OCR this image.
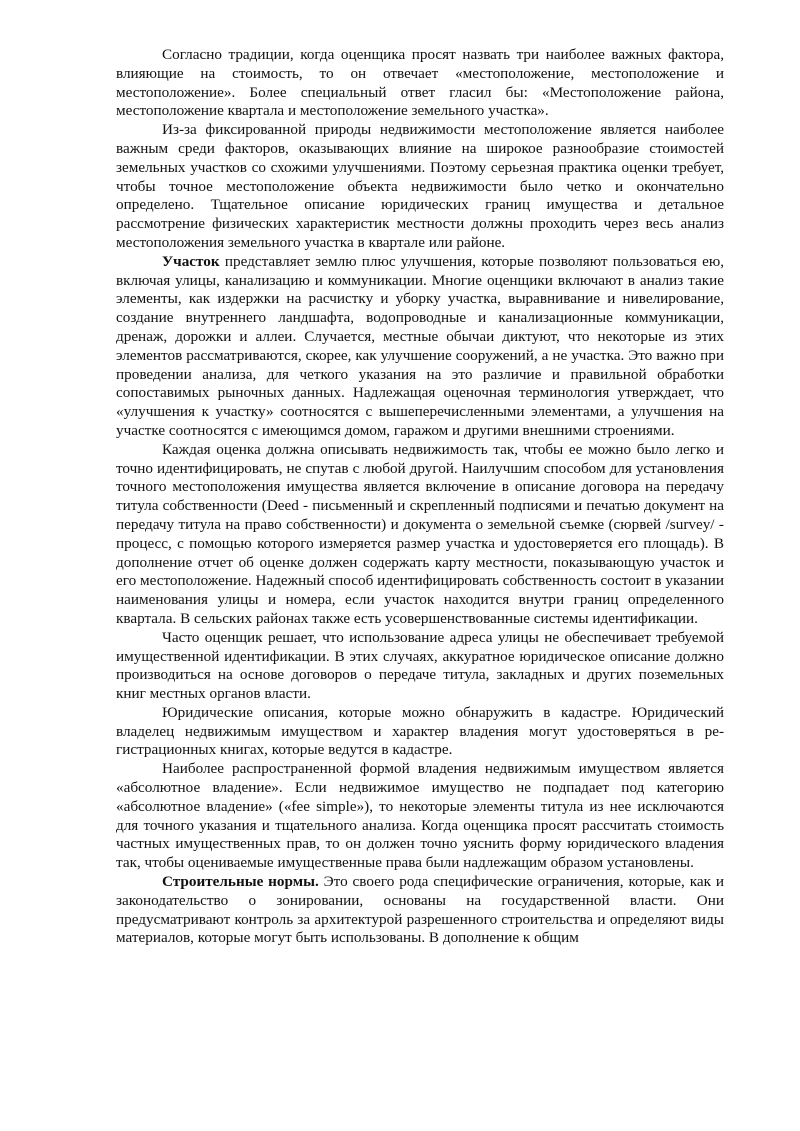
Согласно традиции, когда оценщика просят назвать три наиболее важных фактора, влияющие на стоимость, то он отвечает «местоположение, местоположение и местоположение». Более специальный ответ гласил бы: «Местоположение района, местоположение квартала и местоположение земельного участка».

Из-за фиксированной природы недвижимости местоположение является наиболее важным среди факторов, оказывающих влияние на широкое разнообразие стоимостей земельных участков со схожими улучшениями. Поэтому серьезная практика оценки требует, чтобы точное местоположение объекта недвижимости было четко и окончательно определено. Тщательное описание юридических границ имущества и детальное рассмотрение физических характеристик местности должны проходить через весь анализ местоположения земельного участка в квартале или районе.

Участок представляет землю плюс улучшения, которые позволяют пользоваться ею, включая улицы, канализацию и коммуникации. Многие оценщики включают в анализ такие элементы, как издержки на расчистку и уборку участка, выравнивание и нивелирование, создание внутреннего ландшафта, водопроводные и канализационные коммуникации, дренаж, дорожки и аллеи. Случается, местные обычаи диктуют, что некоторые из этих элементов рассматриваются, скорее, как улучшение сооружений, а не участка. Это важно при проведении анализа, для четкого указания на это различие и правильной обработки сопоставимых рыночных данных. Надлежащая оценочная терминология утверждает, что «улучшения к участку» соотносятся с вышеперечисленными элементами, а улучшения на участке соотносятся с имеющимся домом, гаражом и другими внешними строениями.

Каждая оценка должна описывать недвижимость так, чтобы ее можно было легко и точно идентифицировать, не спутав с любой другой. Наилучшим способом для установления точного местоположения имущества является включение в описание договора на передачу титула собственности (Deed - письменный и скрепленный подписями и печатью документ на передачу титула на право собственности) и документа о земельной съемке (сюрвей /survey/ - процесс, с помощью которого измеряется размер участка и удостоверяется его площадь). В дополнение отчет об оценке должен содержать карту местности, показывающую участок и его местоположение. Надежный способ идентифицировать собственность состоит в указании наименования улицы и номера, если участок находится внутри границ определенного квартала. В сельских районах также есть усовершенствованные системы идентификации.

Часто оценщик решает, что использование адреса улицы не обеспечивает требуемой имущественной идентификации. В этих случаях, аккуратное юридическое описание должно производиться на основе договоров о передаче титула, закладных и других поземельных книг местных органов власти.

Юридические описания, которые можно обнаружить в кадастре. Юридический владелец недвижимым имуществом и характер владения могут удостоверяться в регистрационных книгах, которые ведутся в кадастре.

Наиболее распространенной формой владения недвижимым имуществом является «абсолютное владение». Если недвижимое имущество не подпадает под категорию «абсолютное владение» («fee simple»), то некоторые элементы титула из нее исключаются для точного указания и тщательного анализа. Когда оценщика просят рассчитать стоимость частных имущественных прав, то он должен точно уяснить форму юридического владения так, чтобы оцениваемые имущественные права были надлежащим образом установлены.

Строительные нормы. Это своего рода специфические ограничения, которые, как и законодательство о зонировании, основаны на государственной власти. Они предусматривают контроль за архитектурой разрешенного строительства и определяют виды материалов, которые могут быть использованы. В дополнение к общим
